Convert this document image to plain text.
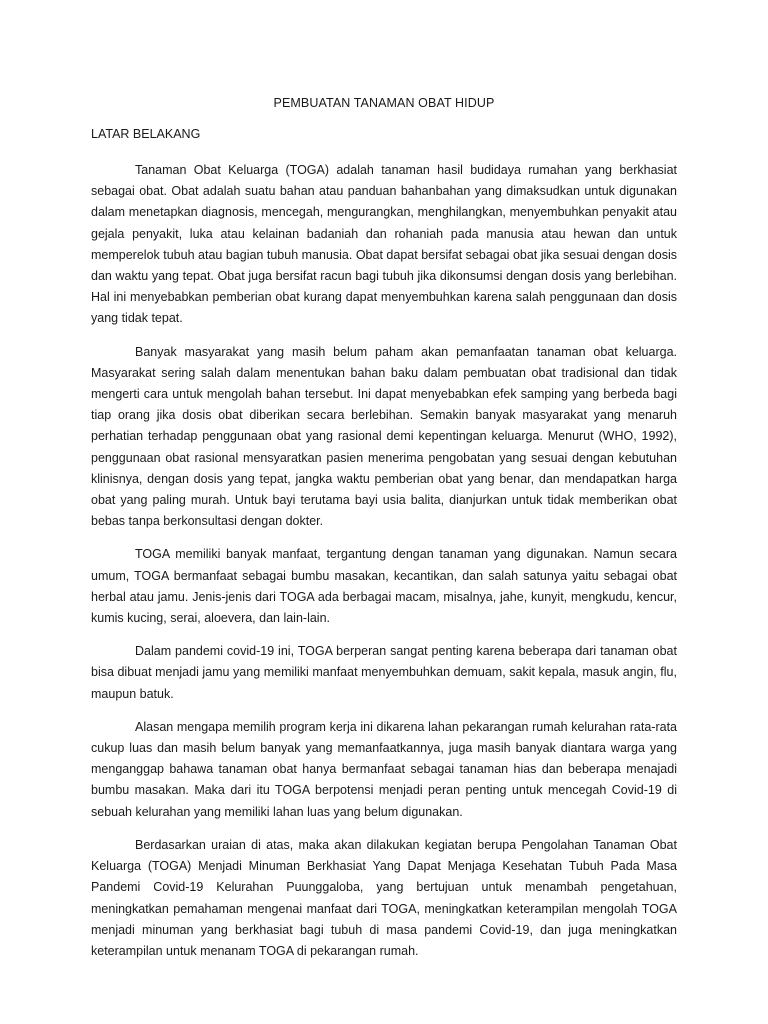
PEMBUATAN TANAMAN OBAT HIDUP
LATAR BELAKANG

Tanaman Obat Keluarga (TOGA) adalah tanaman hasil budidaya rumahan yang berkhasiat sebagai obat. Obat adalah suatu bahan atau panduan bahanbahan yang dimaksudkan untuk digunakan dalam menetapkan diagnosis, mencegah, mengurangkan, menghilangkan, menyembuhkan penyakit atau gejala penyakit, luka atau kelainan badaniah dan rohaniah pada manusia atau hewan dan untuk memperelok tubuh atau bagian tubuh manusia. Obat dapat bersifat sebagai obat jika sesuai dengan dosis dan waktu yang tepat. Obat juga bersifat racun bagi tubuh jika dikonsumsi dengan dosis yang berlebihan. Hal ini menyebabkan pemberian obat kurang dapat menyembuhkan karena salah penggunaan dan dosis yang tidak tepat.

Banyak masyarakat yang masih belum paham akan pemanfaatan tanaman obat keluarga. Masyarakat sering salah dalam menentukan bahan baku dalam pembuatan obat tradisional dan tidak mengerti cara untuk mengolah bahan tersebut. Ini dapat menyebabkan efek samping yang berbeda bagi tiap orang jika dosis obat diberikan secara berlebihan. Semakin banyak masyarakat yang menaruh perhatian terhadap penggunaan obat yang rasional demi kepentingan keluarga. Menurut (WHO, 1992), penggunaan obat rasional mensyaratkan pasien menerima pengobatan yang sesuai dengan kebutuhan klinisnya, dengan dosis yang tepat, jangka waktu pemberian obat yang benar, dan mendapatkan harga obat yang paling murah. Untuk bayi terutama bayi usia balita, dianjurkan untuk tidak memberikan obat bebas tanpa berkonsultasi dengan dokter.

TOGA memiliki banyak manfaat, tergantung dengan tanaman yang digunakan. Namun secara umum, TOGA bermanfaat sebagai bumbu masakan, kecantikan, dan salah satunya yaitu sebagai obat herbal atau jamu. Jenis-jenis dari TOGA ada berbagai macam, misalnya, jahe, kunyit, mengkudu, kencur, kumis kucing, serai, aloevera, dan lain-lain.

Dalam pandemi covid-19 ini, TOGA berperan sangat penting karena beberapa dari tanaman obat bisa dibuat menjadi jamu yang memiliki manfaat menyembuhkan demuam, sakit kepala, masuk angin, flu, maupun batuk.

Alasan mengapa memilih program kerja ini dikarena lahan pekarangan rumah kelurahan rata-rata cukup luas dan masih belum banyak yang memanfaatkannya, juga masih banyak diantara warga yang menganggap bahawa tanaman obat hanya bermanfaat sebagai tanaman hias dan beberapa menajadi bumbu masakan. Maka dari itu TOGA berpotensi menjadi peran penting untuk mencegah Covid-19 di sebuah kelurahan yang memiliki lahan luas yang belum digunakan.

Berdasarkan uraian di atas, maka akan dilakukan kegiatan berupa Pengolahan Tanaman Obat Keluarga (TOGA) Menjadi Minuman Berkhasiat Yang Dapat Menjaga Kesehatan Tubuh Pada Masa Pandemi Covid-19 Kelurahan Puunggaloba, yang bertujuan untuk menambah pengetahuan, meningkatkan pemahaman mengenai manfaat dari TOGA, meningkatkan keterampilan mengolah TOGA menjadi minuman yang berkhasiat bagi tubuh di masa pandemi Covid-19, dan juga meningkatkan keterampilan untuk menanam TOGA di pekarangan rumah.
